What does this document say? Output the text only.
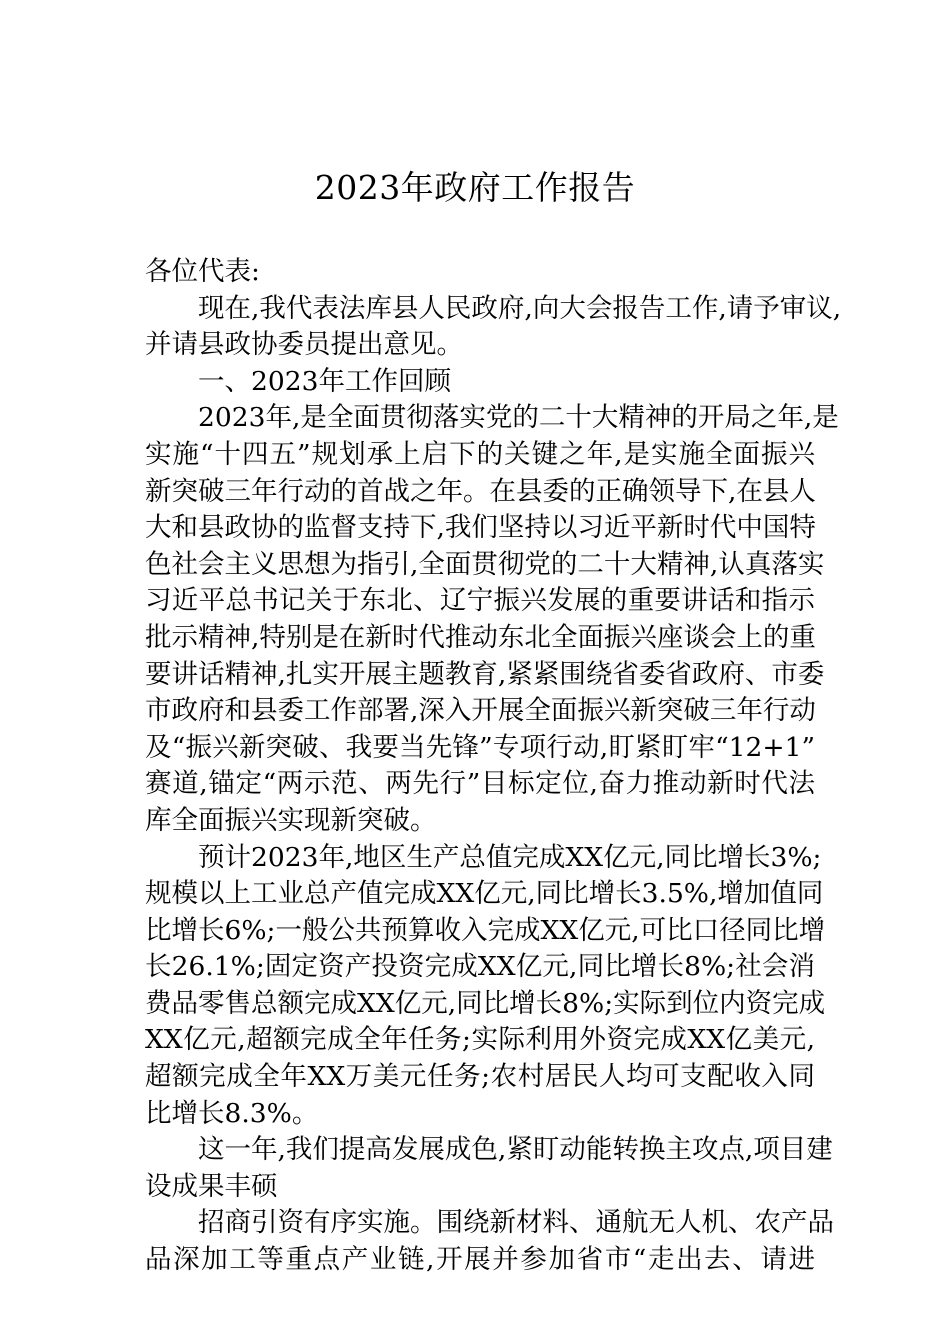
2023年政府工作报告
各位代表:
现在,我代表法库县人民政府,向大会报告工作,请予审议,
并请县政协委员提出意见。
一、2023年工作回顾
2023年,是全面贯彻落实党的二十大精神的开局之年,是
实施“十四五”规划承上启下的关键之年,是实施全面振兴
新突破三年行动的首战之年。在县委的正确领导下,在县人
大和县政协的监督支持下,我们坚持以习近平新时代中国特
色社会主义思想为指引,全面贯彻党的二十大精神,认真落实
习近平总书记关于东北、辽宁振兴发展的重要讲话和指示
批示精神,特别是在新时代推动东北全面振兴座谈会上的重
要讲话精神,扎实开展主题教育,紧紧围绕省委省政府、市委
市政府和县委工作部署,深入开展全面振兴新突破三年行动
及“振兴新突破、我要当先锋”专项行动,盯紧盯牢“12+1”
赛道,锚定“两示范、两先行”目标定位,奋力推动新时代法
库全面振兴实现新突破。
预计2023年,地区生产总值完成XX亿元,同比增长3%;
规模以上工业总产值完成XX亿元,同比增长3.5%,增加值同
比增长6%;一般公共预算收入完成XX亿元,可比口径同比增
长26.1%;固定资产投资完成XX亿元,同比增长8%;社会消
费品零售总额完成XX亿元,同比增长8%;实际到位内资完成
XX亿元,超额完成全年任务;实际利用外资完成XX亿美元,
超额完成全年XX万美元任务;农村居民人均可支配收入同
比增长8.3%。
这一年,我们提高发展成色,紧盯动能转换主攻点,项目建
设成果丰硕
招商引资有序实施。围绕新材料、通航无人机、农产品
品深加工等重点产业链,开展并参加省市“走出去、请进
